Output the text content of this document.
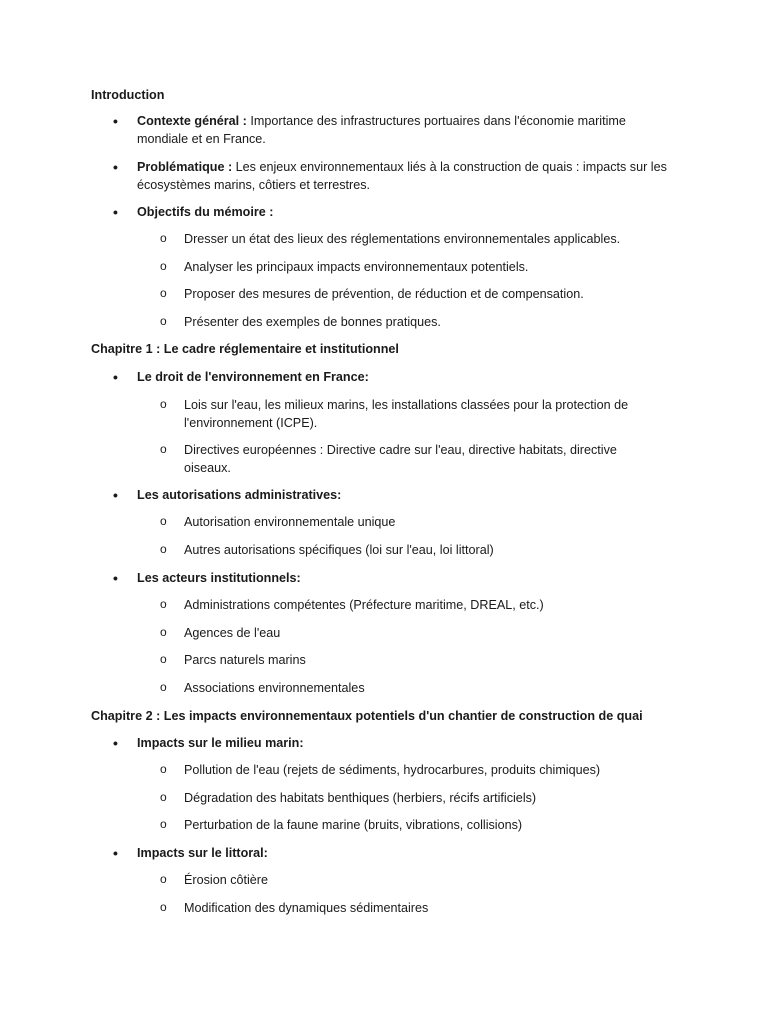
Introduction
• Contexte général : Importance des infrastructures portuaires dans l'économie maritime mondiale et en France.
• Problématique : Les enjeux environnementaux liés à la construction de quais : impacts sur les écosystèmes marins, côtiers et terrestres.
• Objectifs du mémoire :
o Dresser un état des lieux des réglementations environnementales applicables.
o Analyser les principaux impacts environnementaux potentiels.
o Proposer des mesures de prévention, de réduction et de compensation.
o Présenter des exemples de bonnes pratiques.
Chapitre 1 : Le cadre réglementaire et institutionnel
• Le droit de l'environnement en France:
o Lois sur l'eau, les milieux marins, les installations classées pour la protection de l'environnement (ICPE).
o Directives européennes : Directive cadre sur l'eau, directive habitats, directive oiseaux.
• Les autorisations administratives:
o Autorisation environnementale unique
o Autres autorisations spécifiques (loi sur l'eau, loi littoral)
• Les acteurs institutionnels:
o Administrations compétentes (Préfecture maritime, DREAL, etc.)
o Agences de l'eau
o Parcs naturels marins
o Associations environnementales
Chapitre 2 : Les impacts environnementaux potentiels d'un chantier de construction de quai
• Impacts sur le milieu marin:
o Pollution de l'eau (rejets de sédiments, hydrocarbures, produits chimiques)
o Dégradation des habitats benthiques (herbiers, récifs artificiels)
o Perturbation de la faune marine (bruits, vibrations, collisions)
• Impacts sur le littoral:
o Érosion côtière
o Modification des dynamiques sédimentaires
